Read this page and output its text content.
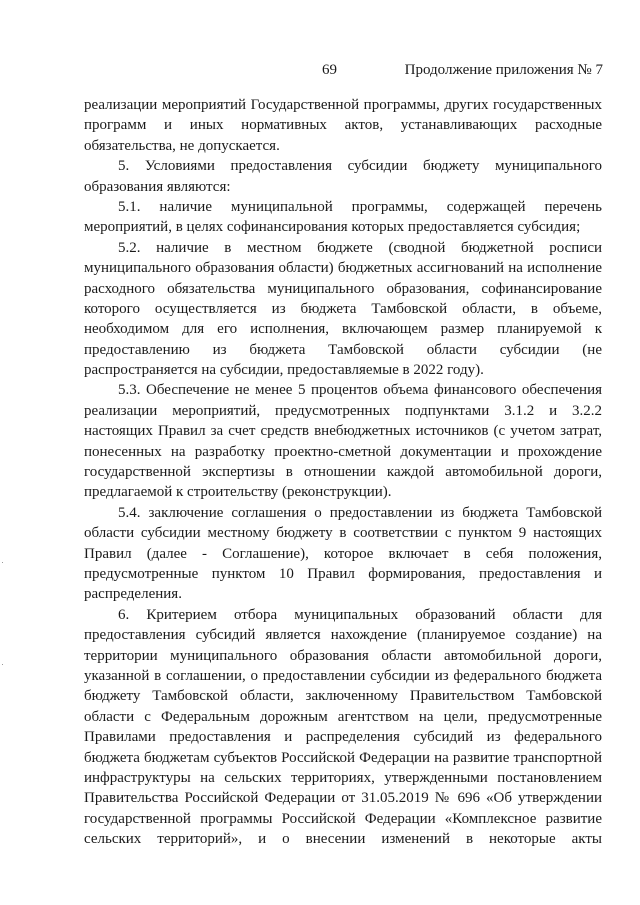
69	Продолжение приложения № 7
реализации мероприятий Государственной программы, других государственных
программ и иных нормативных актов, устанавливающих расходные
обязательства, не допускается.
5. Условиями предоставления субсидии бюджету муниципального
образования являются:
5.1. наличие муниципальной программы, содержащей перечень
мероприятий, в целях софинансирования которых предоставляется субсидия;
5.2. наличие в местном бюджете (сводной бюджетной росписи
муниципального образования области) бюджетных ассигнований на исполнение
расходного обязательства муниципального образования, софинансирование
которого осуществляется из бюджета Тамбовской области, в объеме,
необходимом для его исполнения, включающем размер планируемой к
предоставлению из бюджета Тамбовской области субсидии (не
распространяется на субсидии, предоставляемые в 2022 году).
5.3. Обеспечение не менее 5 процентов объема финансового обеспечения
реализации мероприятий, предусмотренных подпунктами 3.1.2 и 3.2.2
настоящих Правил за счет средств внебюджетных источников (с учетом затрат,
понесенных на разработку проектно-сметной документации и прохождение
государственной экспертизы в отношении каждой автомобильной дороги,
предлагаемой к строительству (реконструкции).
5.4. заключение соглашения о предоставлении из бюджета Тамбовской
области субсидии местному бюджету в соответствии с пунктом 9 настоящих
Правил (далее - Соглашение), которое включает в себя положения,
предусмотренные пунктом 10 Правил формирования, предоставления и
распределения.
6. Критерием отбора муниципальных образований области для
предоставления субсидий является нахождение (планируемое создание) на
территории муниципального образования области автомобильной дороги,
указанной в соглашении, о предоставлении субсидии из федерального бюджета
бюджету Тамбовской области, заключенному Правительством Тамбовской
области с Федеральным дорожным агентством на цели, предусмотренные
Правилами предоставления и распределения субсидий из федерального
бюджета бюджетам субъектов Российской Федерации на развитие транспортной
инфраструктуры на сельских территориях, утвержденными постановлением
Правительства Российской Федерации от 31.05.2019 № 696 «Об утверждении
государственной программы Российской Федерации «Комплексное развитие
сельских территорий», и о внесении изменений в некоторые акты
